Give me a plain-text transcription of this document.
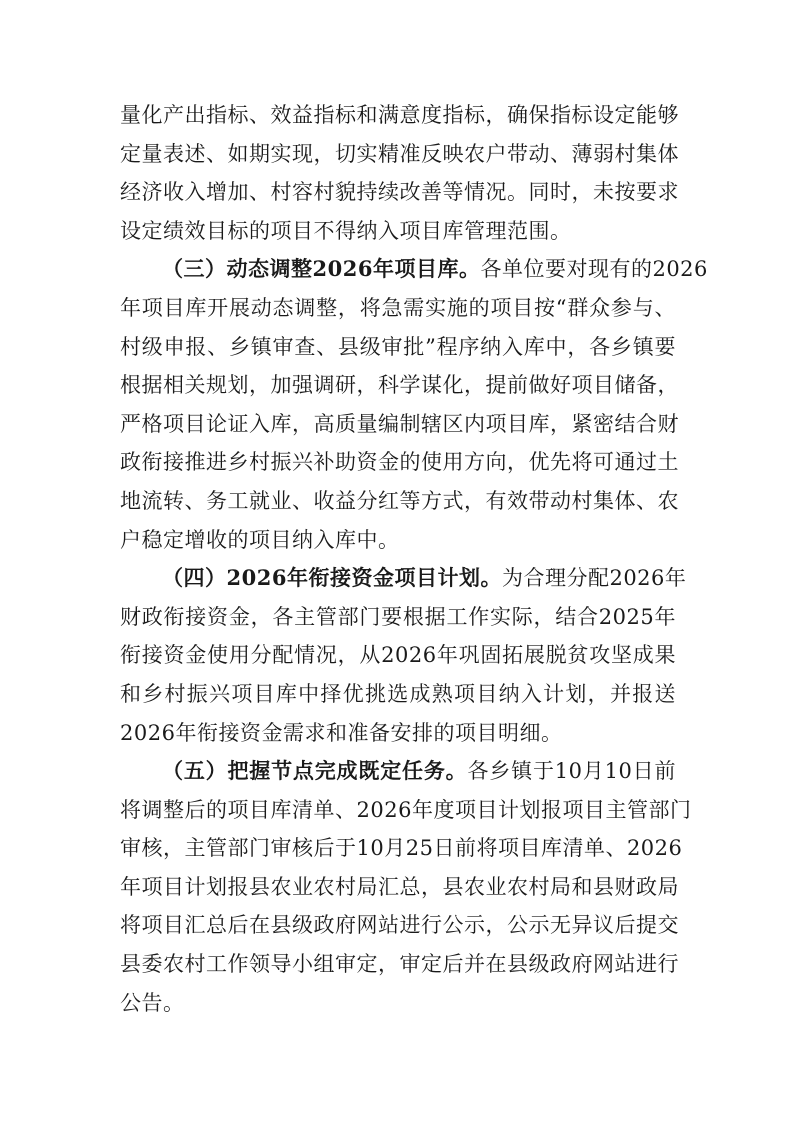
量化产出指标、效益指标和满意度指标，确保指标设定能够
定量表述、如期实现，切实精准反映农户带动、薄弱村集体
经济收入增加、村容村貌持续改善等情况。同时，未按要求
设定绩效目标的项目不得纳入项目库管理范围。
（三）动态调整2026年项目库。各单位要对现有的2026
年项目库开展动态调整，将急需实施的项目按“群众参与、
村级申报、乡镇审查、县级审批”程序纳入库中，各乡镇要
根据相关规划，加强调研，科学谋化，提前做好项目储备，
严格项目论证入库，高质量编制辖区内项目库，紧密结合财
政衔接推进乡村振兴补助资金的使用方向，优先将可通过土
地流转、务工就业、收益分红等方式，有效带动村集体、农
户稳定增收的项目纳入库中。
（四）2026年衔接资金项目计划。为合理分配2026年
财政衔接资金，各主管部门要根据工作实际，结合2025年
衔接资金使用分配情况，从2026年巩固拓展脱贫攻坚成果
和乡村振兴项目库中择优挑选成熟项目纳入计划，并报送
2026年衔接资金需求和准备安排的项目明细。
（五）把握节点完成既定任务。各乡镇于10月10日前
将调整后的项目库清单、2026年度项目计划报项目主管部门
审核，主管部门审核后于10月25日前将项目库清单、2026
年项目计划报县农业农村局汇总，县农业农村局和县财政局
将项目汇总后在县级政府网站进行公示，公示无异议后提交
县委农村工作领导小组审定，审定后并在县级政府网站进行
公告。
